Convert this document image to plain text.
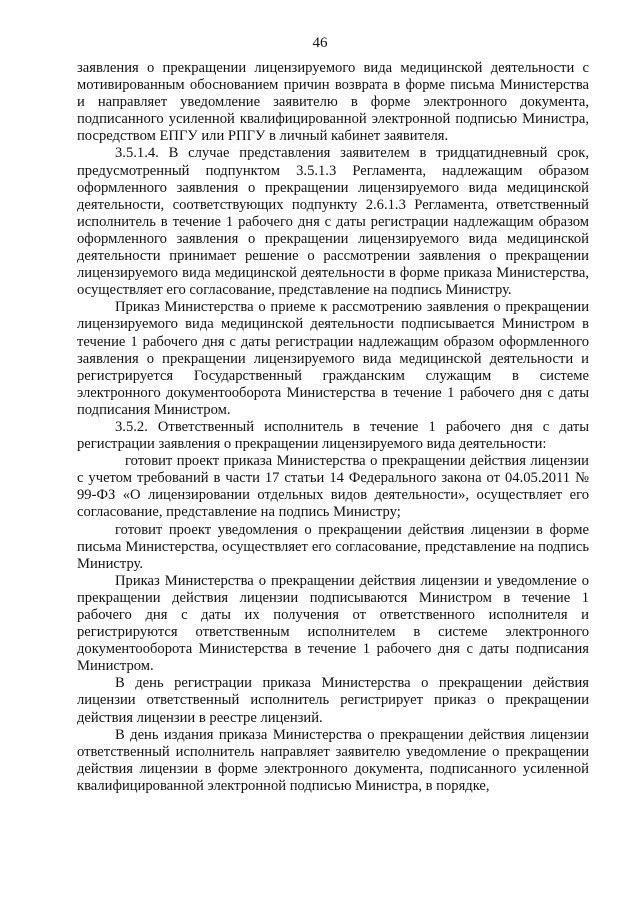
46

заявления о прекращении лицензируемого вида медицинской деятельности с мотивированным обоснованием причин возврата в форме письма Министерства и направляет уведомление заявителю в форме электронного документа, подписанного усиленной квалифицированной электронной подписью Министра, посредством ЕПГУ или РПГУ в личный кабинет заявителя.

3.5.1.4. В случае представления заявителем в тридцатидневный срок, предусмотренный подпунктом 3.5.1.3 Регламента, надлежащим образом оформленного заявления о прекращении лицензируемого вида медицинской деятельности, соответствующих подпункту 2.6.1.3 Регламента, ответственный исполнитель в течение 1 рабочего дня с даты регистрации надлежащим образом оформленного заявления о прекращении лицензируемого вида медицинской деятельности принимает решение о рассмотрении заявления о прекращении лицензируемого вида медицинской деятельности в форме приказа Министерства, осуществляет его согласование, представление на подпись Министру.

Приказ Министерства о приеме к рассмотрению заявления о прекращении лицензируемого вида медицинской деятельности подписывается Министром в течение 1 рабочего дня с даты регистрации надлежащим образом оформленного заявления о прекращении лицензируемого вида медицинской деятельности и регистрируется Государственный гражданским служащим в системе электронного документооборота Министерства в течение 1 рабочего дня с даты подписания Министром.

3.5.2. Ответственный исполнитель в течение 1 рабочего дня с даты регистрации заявления о прекращении лицензируемого вида деятельности:

готовит проект приказа Министерства о прекращении действия лицензии с учетом требований в части 17 статьи 14 Федерального закона от 04.05.2011 № 99-ФЗ «О лицензировании отдельных видов деятельности», осуществляет его согласование, представление на подпись Министру;

готовит проект уведомления о прекращении действия лицензии в форме письма Министерства, осуществляет его согласование, представление на подпись Министру.

Приказ Министерства о прекращении действия лицензии и уведомление о прекращении действия лицензии подписываются Министром в течение 1 рабочего дня с даты их получения от ответственного исполнителя и регистрируются ответственным исполнителем в системе электронного документооборота Министерства в течение 1 рабочего дня с даты подписания Министром.

В день регистрации приказа Министерства о прекращении действия лицензии ответственный исполнитель регистрирует приказ о прекращении действия лицензии в реестре лицензий.

В день издания приказа Министерства о прекращении действия лицензии ответственный исполнитель направляет заявителю уведомление о прекращении действия лицензии в форме электронного документа, подписанного усиленной квалифицированной электронной подписью Министра, в порядке,
